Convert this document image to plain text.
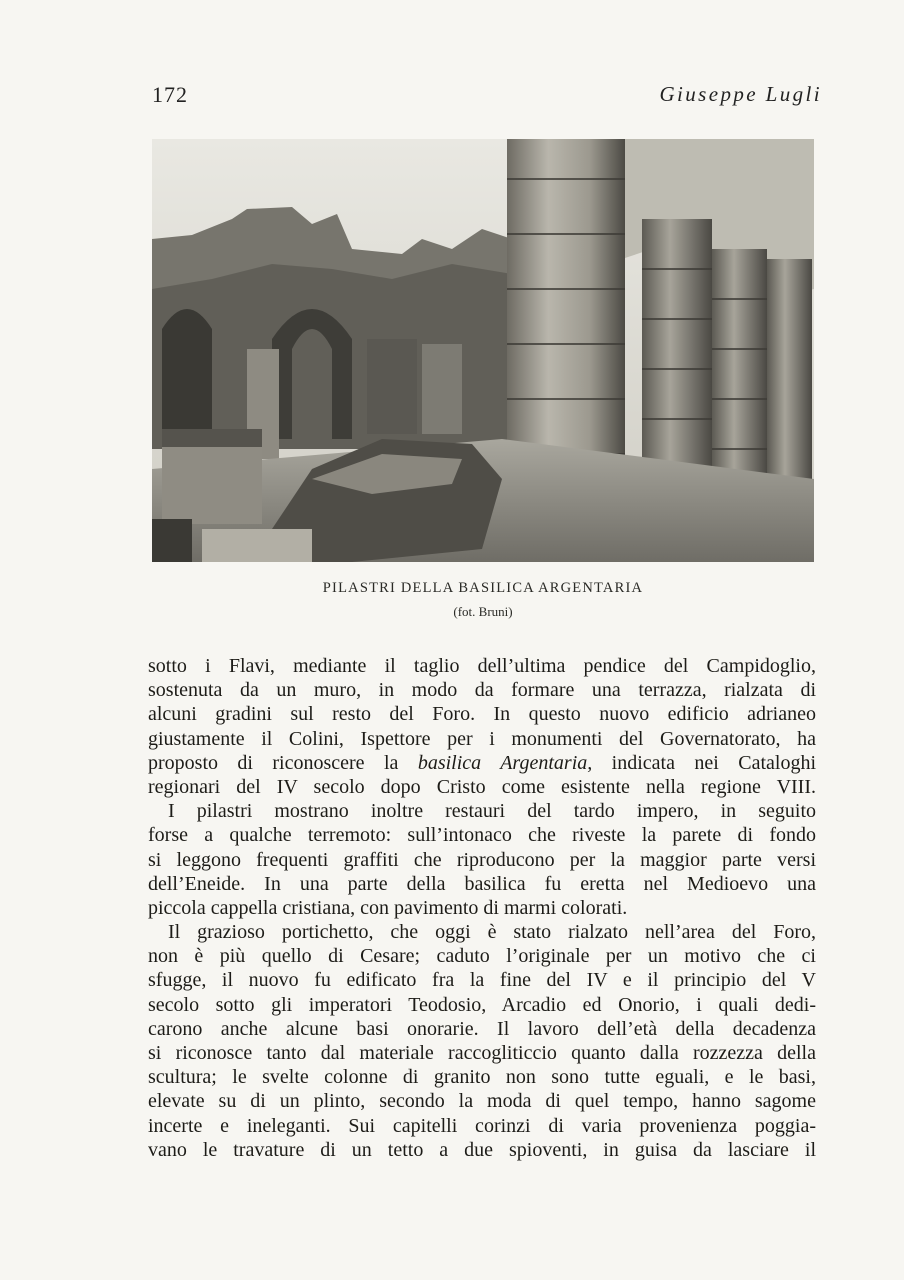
172	Giuseppe Lugli
PILASTRI DELLA BASILICA ARGENTARIA
(fot. Bruni)
sotto i Flavi, mediante il taglio dell’ultima pendice del Campidoglio,
sostenuta da un muro, in modo da formare una terrazza, rialzata di
alcuni gradini sul resto del Foro. In questo nuovo edificio adrianeo
giustamente il Colini, Ispettore per i monumenti del Governatorato, ha
proposto di riconoscere la basilica Argentaria, indicata nei Cataloghi
regionari del IV secolo dopo Cristo come esistente nella regione VIII.
I pilastri mostrano inoltre restauri del tardo impero, in seguito
forse a qualche terremoto: sull’intonaco che riveste la parete di fondo
si leggono frequenti graffiti che riproducono per la maggior parte versi
dell’Eneide. In una parte della basilica fu eretta nel Medioevo una
piccola cappella cristiana, con pavimento di marmi colorati.
Il grazioso portichetto, che oggi è stato rialzato nell’area del Foro,
non è più quello di Cesare; caduto l’originale per un motivo che ci
sfugge, il nuovo fu edificato fra la fine del IV e il principio del V
secolo sotto gli imperatori Teodosio, Arcadio ed Onorio, i quali dedi-
carono anche alcune basi onorarie. Il lavoro dell’età della decadenza
si riconosce tanto dal materiale raccogliticcio quanto dalla rozzezza della
scultura; le svelte colonne di granito non sono tutte eguali, e le basi,
elevate su di un plinto, secondo la moda di quel tempo, hanno sagome
incerte e ineleganti. Sui capitelli corinzi di varia provenienza poggia-
vano le travature di un tetto a due spioventi, in guisa da lasciare il
